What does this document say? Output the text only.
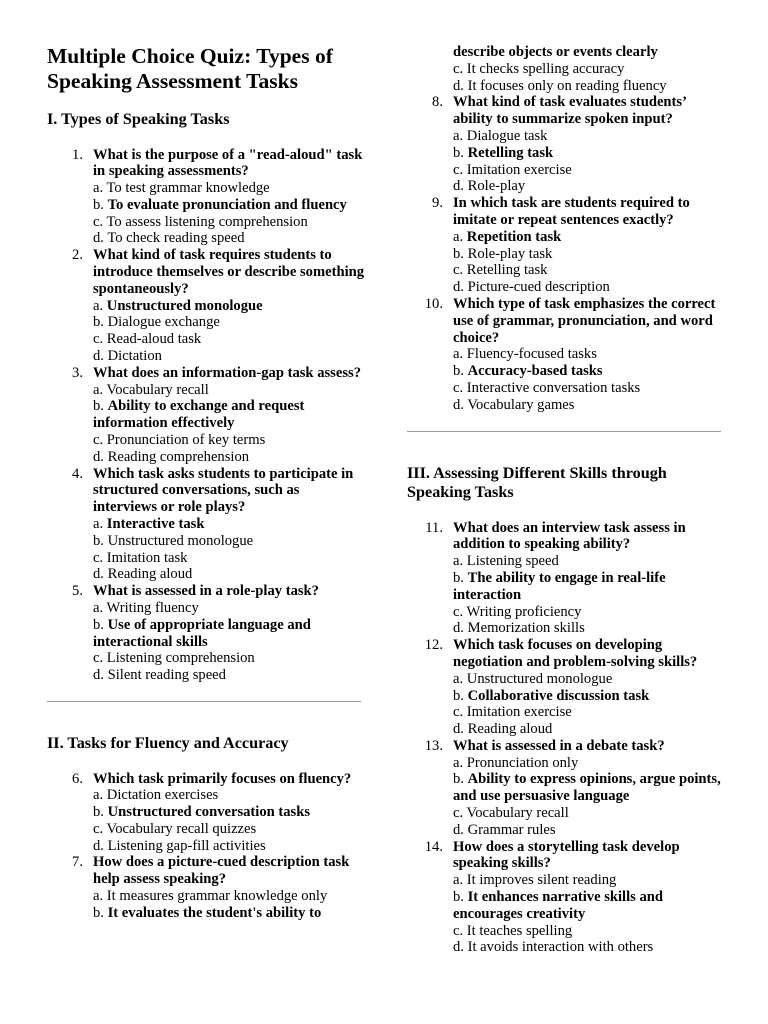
Multiple Choice Quiz: Types of Speaking Assessment Tasks
I. Types of Speaking Tasks
1. What is the purpose of a "read-aloud" task in speaking assessments?
a. To test grammar knowledge
b. To evaluate pronunciation and fluency
c. To assess listening comprehension
d. To check reading speed
2. What kind of task requires students to introduce themselves or describe something spontaneously?
a. Unstructured monologue
b. Dialogue exchange
c. Read-aloud task
d. Dictation
3. What does an information-gap task assess?
a. Vocabulary recall
b. Ability to exchange and request information effectively
c. Pronunciation of key terms
d. Reading comprehension
4. Which task asks students to participate in structured conversations, such as interviews or role plays?
a. Interactive task
b. Unstructured monologue
c. Imitation task
d. Reading aloud
5. What is assessed in a role-play task?
a. Writing fluency
b. Use of appropriate language and interactional skills
c. Listening comprehension
d. Silent reading speed
II. Tasks for Fluency and Accuracy
6. Which task primarily focuses on fluency?
a. Dictation exercises
b. Unstructured conversation tasks
c. Vocabulary recall quizzes
d. Listening gap-fill activities
7. How does a picture-cued description task help assess speaking?
a. It measures grammar knowledge only
b. It evaluates the student's ability to
describe objects or events clearly
c. It checks spelling accuracy
d. It focuses only on reading fluency
8. What kind of task evaluates students’ ability to summarize spoken input?
a. Dialogue task
b. Retelling task
c. Imitation exercise
d. Role-play
9. In which task are students required to imitate or repeat sentences exactly?
a. Repetition task
b. Role-play task
c. Retelling task
d. Picture-cued description
10. Which type of task emphasizes the correct use of grammar, pronunciation, and word choice?
a. Fluency-focused tasks
b. Accuracy-based tasks
c. Interactive conversation tasks
d. Vocabulary games
III. Assessing Different Skills through Speaking Tasks
11. What does an interview task assess in addition to speaking ability?
a. Listening speed
b. The ability to engage in real-life interaction
c. Writing proficiency
d. Memorization skills
12. Which task focuses on developing negotiation and problem-solving skills?
a. Unstructured monologue
b. Collaborative discussion task
c. Imitation exercise
d. Reading aloud
13. What is assessed in a debate task?
a. Pronunciation only
b. Ability to express opinions, argue points, and use persuasive language
c. Vocabulary recall
d. Grammar rules
14. How does a storytelling task develop speaking skills?
a. It improves silent reading
b. It enhances narrative skills and encourages creativity
c. It teaches spelling
d. It avoids interaction with others
